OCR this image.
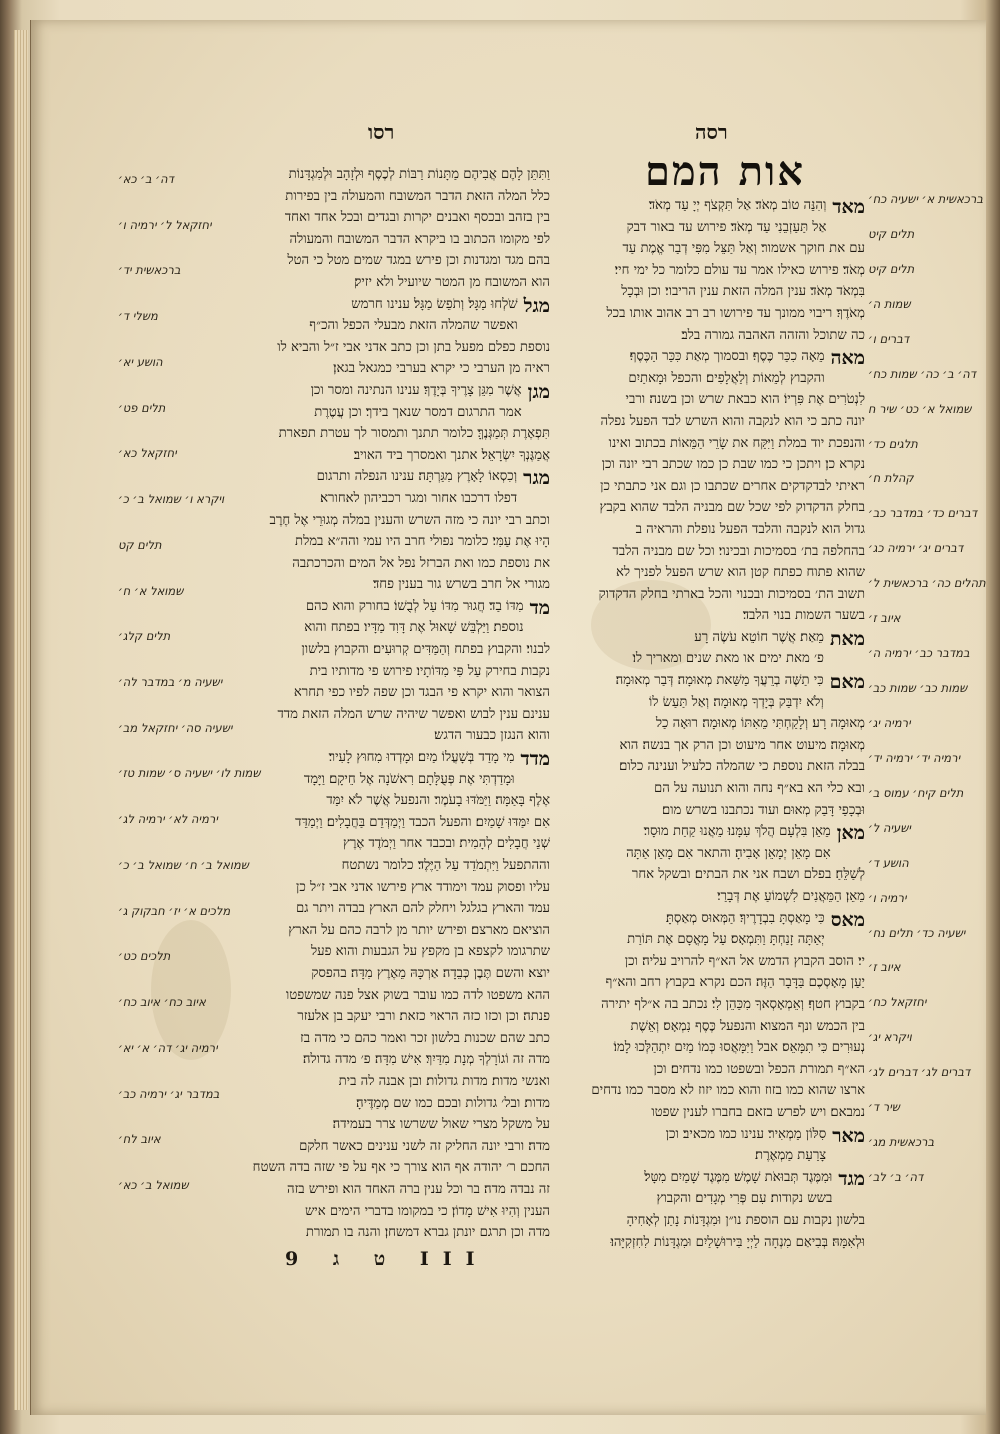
רסו	רסה
אות המם
וַתִּתֵּן לָהֶם אֲבִיהֶם מַתָּנוֹת רַבּוֹת לְכֶסֶף וּלְזָהָב וּלְמִגְדָּנוֹת
כלל המלה הזאת הדבר המשובח והמעולה בין בפירות
בין בזהב ובכסף ואבנים יקרות ובגדים ובכל אחד ואחד
לפי מקומו הכתוב בו ביקרא הדבר המשובח והמעולה
בהם מגד ומגדנות וכן פירש במגד שמים מטל כי הטל
הוא המשובח מן המטר שיועיל ולא יזיק׃
מגל
שֹׁלְחוּ מַגָּל׃ וְתֹפֵשׂ מַגָּל׃ ענינו חרמש
ואפשר שהמלה הזאת מבעלי הכפל והכ״ף
נוספת כפלם מפעל בתן וכן כתב אדני אבי ז״ל והביא לו
ראיה מן הערבי כי יקרא בערבי כמגאל בגאן׃
מגן
אֲשֶׁר מִגֵּן צָרֶיךָ בְּיָדֶךָ׃ ענינו הנתינה ומסר וכן
אמר התרגום דמסר שנאך בידך׃ וכן עֲטֶרֶת
תִּפְאֶרֶת תְּמַגְּנֶךָּ׃ כלומר תתנך ותמסור לך עטרת תפארת
אֲמַגֶּנְךָ יִשְׂרָאֵל׃ אתנך ואמסרך ביד האויב׃
מגר
וְכִסְאוֹ לָאָרֶץ מִגַּרְתָּה׃ ענינו הנפלה ותרגום
דפלו דרכבו אחור ומגר רכביהון לאחורא׃
וכתב רבי יונה כי מזה השרש והענין במלה מְגוּרֵי אֶל חֶרֶב
הָיוּ אֶת עַמִּי׃ כלומר נפולי חרב היו עמי והה״א במלת
את נוספת כמו ואת הברזל נפל אל המים והכרכתבה
מגורי אל חרב בשרש גור בענין פחד׃
מד
מִדּוֹ בַד׃ חֲגוּר מִדּוֹ עַל לְבֻשׁוֹ׃ בחורק והוא כהם
נוספת׃ וַיַּלְבֵּשׁ שָׁאוּל אֶת דָּוִד מַדָּיו׃ בפתח והוא
לבנוי׃ והקבוץ בפתח וְהַמַּדִּים קְרוּעִים׃ והקבוץ בלשון
נקבות בחירק עַל פִּי מִדּוֹתָיו׃ פירוש פי מדותיו בית
הצואר והוא יקרא פי הבגד וכן שפה לפיו כפי תחרא
ענינם ענין לבוש ואפשר שיהיה שרש המלה הזאת מדד
והוא הנגזן כבעור הדגש׃
מדד
מִי מָדַד בְּשָׁעֳלוֹ מַיִם׃ וּמָדְדוּ מִחוּץ לָעִיר׃
וּמָדַדְתִּי אֶת פְּעֻלָּתָם רִאשֹׁנָה אֶל חֵיקָם׃ וַיָּמָד
אֶלֶף בָּאַמָּה׃ וַיַּמֹּדּוּ בָעֹמֶר׃ והנפעל אֲשֶׁר לֹא יִמַּד
אִם יִמַּדּוּ שָׁמַיִם׃ והפעל הכבד וַיְמַדְּדֵם בַּחֲבָלִים׃ וַיְמַדֵּד
שְׁנֵי חֲבָלִים לְהָמִית׃ ובכבד אחר וַיְמֹדֶד אֶרֶץ
וההתפעל וַיִּתְמֹדֵד עַל הַיֶּלֶד׃ כלומר נשתטח
עליו ופסוק עמד וימודד ארץ פירשו אדני אבי ז״ל כן
עמד והארץ בגלגל ויחלק להם הארץ בבדה ויתר גם
הוציאם מארצם׃ ופירש יותר מן לרבה כהם על הארץ
שתרגומו לקצפא בן מקפץ על הגבעות והוא פעל
יוצא׃ והשם תֶּבֶן כְּבֵדָה׃ אַרְכָּהּ מֵאֶרֶץ מִדָּה׃ בהפסק
ההא משפטו לדה כמו עובר בשוק אצל פנה שמשפטו
פנתה׃ וכן וכזו כזה הראוי כזאת׃ ורבי יעקב בן אלעזר
כתב שהם שכנות בלשון זכר ואמר כהם כי מדה בז
מדה זה וֹגוֹרָלְךָ מְנָת מִדַּיִךְ׃ אִישׁ מִדָּה׃ פ׳ מדה גדולה׃
ואנשי מדות׃ מדות גדולות׃ ובן אבנה לה בית
מדות׃ ובל׳ גדולות ובכם כמו שם מְמַדֶּיהָ׃
על משקל מצרי שאול ששרשו צרר בעמידה׃
מדה׃ ורבי יונה החליק זה לשני ענינים כאשר חלקם
החכם ר׳ יהודה אף הוא צורך כי אף על פי שזה בדה השטח
זה נבדה מדה׃ בר וכל ענין ברה האחד הוא׃ ופירש בזה
הענין וְהִיוּ אִישׁ מָדוֹן׃ כי במקומו בדברי הימים איש
מדה וכן תרגם יונתן גברא דמשחן׃ והנה בו תמורת
מאד
וְהִנֵּה טוֹב מְאֹד׃ אַל תִּקְצֹף יְיָ עַד מְאֹד׃
אַל תַּעַזְבֵנִי עַד מְאֹד׃ פירוש עד באור דבק
עם את חוקך אשמור׃ וְאַל תַּצֵּל מִפִּי דְבַר אֱמֶת עַד
מְאֹד׃ פירוש כאילו אמר עד עולם כלומר כל ימי חיי׃
בִּמְאֹד מְאֹד׃ ענין המלה הזאת ענין הריבוי׃ וכן וּבְכָל
מְאֹדֶךָ׃ ריבוי ממונך עד פירושו רב רב אהוב אותו בכל
כה שתוכל והזהה האהבה גמורה בלב׃
מאה
מֵאָה כִכַּר כֶּסֶף׃ ובסמוך מְאַת כִּכַּר הַכֶּסֶף׃
והקבוץ לְמֵאוֹת וְלַאֲלָפִים׃ והכפל וּמָאתַיִם
לִנְטֹרִים אֶת פִּרְיוֹ׃ הוא כבאת שרש וכן בשנה׃ ורבי
יונה כתב כי הוא לנקבה והוא השרש לבד הפעל נפלה
והנפכת יוד במלת וַיִּקַּח את שָׂרֵי הַמֵּאוֹת בכתוב ואינו
נקרא כן׃ ויתכן כי כמו שבת כן כמו שכתב רבי יונה וכן
ראיתי לבדקדקים אחרים שכתבו כן וגם אני כתבתי כן
בחלק הדקדוק לפי שכל שם מבניה הלבד שהוא בקבץ
גדול הוא לנקבה והלבד הפעל נופלת והראיה ב
בהחלפה בת׳ בסמיכות ובכינוי׃ וכל שם מבניה הלבד
שהוא פתוח כפתח קטן הוא שרש הפעל לפניך לא
תשוב הת׳ בסמיכות ובכנוי והכל בארתי בחלק הדקדוק
בשער השמות בנוי הלבד׃
מאת
מֵאַת׃ אֲשֶׁר חוֹטֵא עֹשֶׂה רָע
פ׳ מאת ימים או מאת שנים ומאריך לו׃
מאם
כִּי תַשֶּׁה בְרֵעֲךָ מַשַּׁאת מְאוּמָה׃ דְּבַר מְאוּמָה׃
וְלֹא יִדְבַּק בְּיָדְךָ מְאוּמָה׃ וְאַל תַּעַשׂ לוֹ
מְאוּמָה רָע׃ וְלָקַחְתִּי מֵאִתּוֹ מְאוּמָה׃ רוּאָה כַל
מְאוּמָה׃ מיעוט אחר מיעוט וכן הרק אך בנשה׃ הוא
בבלה הזאת נוספת כי שהמלה כלעיל וענינה כלום׃
ובא כלי הא בא״ף נחה והוא תנועה על הם
וּבְכָפַי דָּבַק מְאוּם׃ ועוד נכתבנו בשרש מום׃
מאן
מֵאֵן בִּלְעָם הֲלֹךְ עִמָּנוּ׃ מֵאֲנוּ קַחַת מוּסָר׃
אִם מָאֵן יְמָאֵן אָבִיהָ׃ והתאר אִם מָאֵן אַתָּה
לְשַׁלֵּחַ׃ בפלם ושבח אני את הבתים׃ ובשקל אחר
מֵאֵן׃ הַמֵּאֲנִים לִשְׁמוֹעַ אֶת דְּבָרַי׃
מאס
כִּי מָאַסְתָּ בִבְדָרֶיךָ׃ הַמְּאוּס מְאַסְתָּ׃
יְאַתָּה זָנַחְתָּ וַתִּמְאָס׃ עַל מָאֳסָם אֶת תּוֹרַת
יי׃ הוסב הקבוץ הדמש אל הא״ף להרויב עליה׃ וכן
יַעַן מָאָסְכֶם בַּדָּבָר הַזֶּה׃ הכם נקרא בקבוץ רחב והא״ף
בקבוץ חטף׃ וְאֵמְאָסְאךָ מִכַּהֵן לִי׃ נכתב בה א״לף יתירה
בין הכמש ונף המצוא׃ והנפעל כֶּסֶף נִמְאָס׃ וְאֵשֶׁת
נְעוּרִים כִּי תִמָּאֵס׃ אבל וַיִּמָּאֲסוּ כְּמוֹ מַיִם יִתְהַלְּכוּ לָמוֹ׃
הא״ף תמורת הכפל ובשפטו כמו נדחים׃ וכן
ארצו שהוא כמו בזוז והוא כמו יזוז לא מסבר כמו נדחים
נמבאם׃ ויש לפרש בזאם בחברו לענין שפטו
מאר
סִלּוֹן מַמְאִיר׃ ענינו כמו מכאיב׃ וכן
צָרַעַת מַמְאֶרֶת׃
מגד
וּמִמֶּגֶד תְּבוּאֹת שָׁמֶשׁ׃ מִמֶּגֶד שָׁמַיִם מִטָּל׃
בשש נקודות׃ עִם פְּרִי מְגָדִים׃ והקבוץ
בלשון נקבות עם הוספת נו״ן וּמִגְדָּנוֹת נָתַן לְאָחִיהָ
וּלְאִמָּהּ׃ בְּבִיאַם מִנְחָה לַיְיָ בִּירוּשָׁלַיִם וּמִגְדָּנוֹת לִחִזְקִיָּהוּ׃
ברכאשית א׳ ישעיה כח׳
תלים קיט
תלים קיט
שמות ה׳
דברים ו׳
דה׳ ב׳ כה׳ שמות כח׳
שמואל א׳ כט׳ שיר ח
תלגים כד׳
קהלת ח׳
דברים כד׳ במדבר כב׳
דברים יג׳ ירמיה כג׳
תהלים כה׳ ברכאשית ל׳
איוב ז׳
במדבר כב׳ ירמיה ה׳
שמות כב׳ שמות כב׳
ירמיה יג׳
ירמיה יד׳ ירמיה יד׳
תלים קיח׳ עמוס ב׳
ישעיה ל׳
הושע ד׳
ירמיה ו׳
ישעיה כד׳ תלים נח׳
איוב ז׳
יחזקאל כח׳
ויקרא יג׳
דברים לג׳ דברים לג׳
שיר ד׳
ברכאשית מג׳
דה׳ ב׳ לב׳
דה׳ ב׳ כא׳
יחזקאל ל׳ ירמיה ו׳
ברכאשית יד׳
משלי ד׳
הושע יא׳
תלים פט׳
יחזקאל כא׳
ויקרא ו׳ שמואל ב׳ כ׳
תלים קט
שמואל א׳ ח׳
תלים קלג׳
ישעיה מ׳ במדבר לה׳
ישעיה סה׳ יחזקאל מב׳
שמות לו׳ ישעיה ס׳ שמות טז׳
ירמיה לא׳ ירמיה לג׳
שמואל ב׳ ח׳ שמואל ב׳ כ׳
מלכים א׳ יז׳ חבקוק ג׳
תלכים כט׳
איוב כח׳ איוב כח׳
ירמיה יג׳ דה׳ א׳ יא׳
במדבר יג׳ ירמיה כב׳
איוב לח׳
שמואל ב׳ כא׳
ט ג 9 III
